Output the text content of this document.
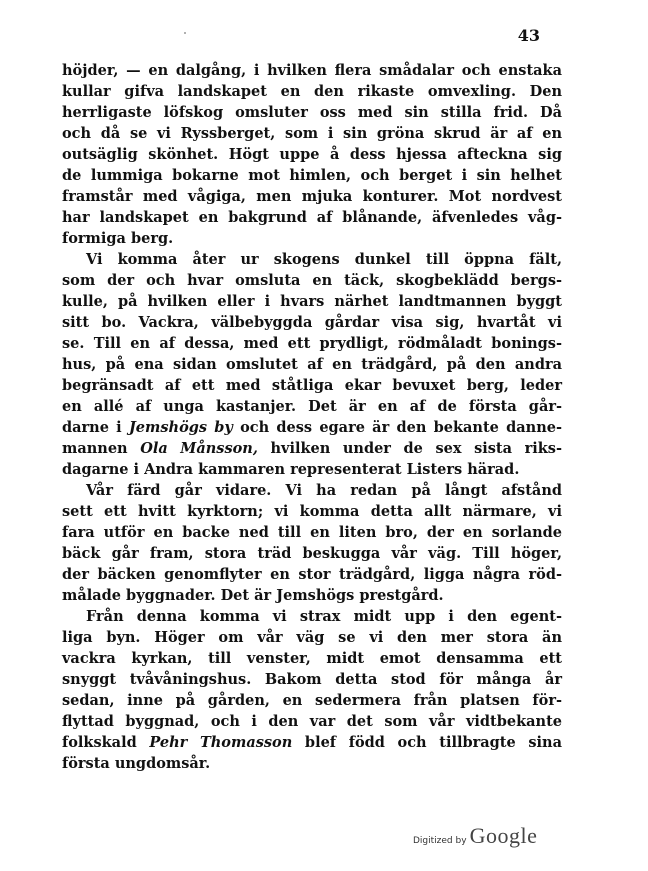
43
höjder, — en dalgång, i hvilken flera smådalar och enstaka
kullar gifva landskapet en den rikaste omvexling. Den
herrligaste löfskog omsluter oss med sin stilla frid. Då
och då se vi Ryssberget, som i sin gröna skrud är af en
outsäglig skönhet. Högt uppe å dess hjessa afteckna sig
de lummiga bokarne mot himlen, och berget i sin helhet
framstår med vågiga, men mjuka konturer. Mot nordvest
har landskapet en bakgrund af blånande, äfvenledes våg-
formiga berg.
Vi komma åter ur skogens dunkel till öppna fält,
som der och hvar omsluta en täck, skogbeklädd bergs-
kulle, på hvilken eller i hvars närhet landtmannen byggt
sitt bo. Vackra, välbebyggda gårdar visa sig, hvartåt vi
se. Till en af dessa, med ett prydligt, rödmåladt bonings-
hus, på ena sidan omslutet af en trädgård, på den andra
begränsadt af ett med ståtliga ekar bevuxet berg, leder
en allé af unga kastanjer. Det är en af de första går-
darne i Jemshögs by och dess egare är den bekante danne-
mannen Ola Månsson, hvilken under de sex sista riks-
dagarne i Andra kammaren representerat Listers härad.
Vår färd går vidare. Vi ha redan på långt afstånd
sett ett hvitt kyrktorn; vi komma detta allt närmare, vi
fara utför en backe ned till en liten bro, der en sorlande
bäck går fram, stora träd beskugga vår väg. Till höger,
der bäcken genomflyter en stor trädgård, ligga några röd-
målade byggnader. Det är Jemshögs prestgård.
Från denna komma vi strax midt upp i den egent-
liga byn. Höger om vår väg se vi den mer stora än
vackra kyrkan, till venster, midt emot densamma ett
snyggt tvåvåningshus. Bakom detta stod för många år
sedan, inne på gården, en sedermera från platsen för-
flyttad byggnad, och i den var det som vår vidtbekante
folkskald Pehr Thomasson blef född och tillbragte sina
första ungdomsår.
Digitized by Google
